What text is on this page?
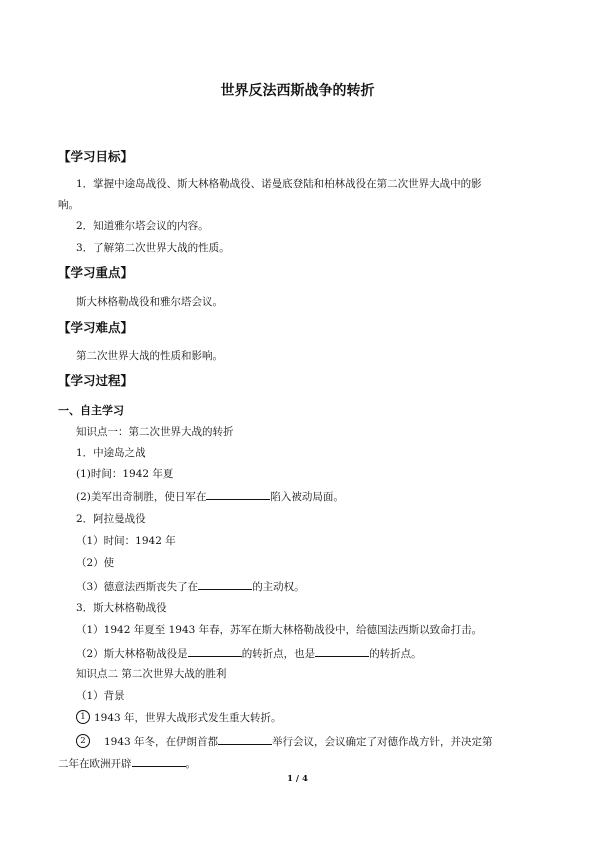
世界反法西斯战争的转折
【学习目标】
1．掌握中途岛战役、斯大林格勒战役、诺曼底登陆和柏林战役在第二次世界大战中的影
响。
2．知道雅尔塔会议的内容。
3．了解第二次世界大战的性质。
【学习重点】
斯大林格勒战役和雅尔塔会议。
【学习难点】
第二次世界大战的性质和影响。
【学习过程】
一、自主学习
知识点一：第二次世界大战的转折
1．中途岛之战
(1)时间：1942 年夏
(2)美军出奇制胜，使日军在	陷入被动局面。
2．阿拉曼战役
（1）时间：1942 年
（2）使
（3）德意法西斯丧失了在	的主动权。
3．斯大林格勒战役
（1）1942 年夏至 1943 年春，苏军在斯大林格勒战役中，给德国法西斯以致命打击。
（2）斯大林格勒战役是	的转折点，也是	的转折点。
知识点二 第二次世界大战的胜利
（1）背景
1 1943 年，世界大战形式发生重大转折。
2 1943 年冬，在伊朗首都	举行会议，会议确定了对德作战方针，并决定第
二年在欧洲开辟	。
1 / 4
